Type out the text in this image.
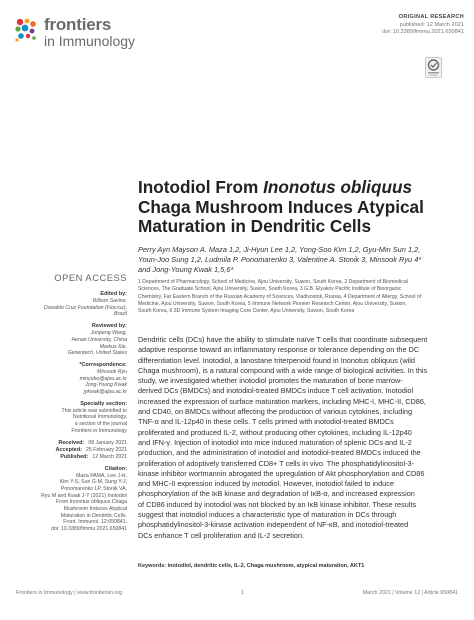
frontiers
in Immunology
ORIGINAL RESEARCH
published: 12 March 2021
doi: 10.3389/fimmu.2021.650841
Inotodiol From Inonotus obliquus Chaga Mushroom Induces Atypical Maturation in Dendritic Cells
Perry Ayn Mayson A. Maza 1,2, Ji-Hyun Lee 1,2, Yong-Soo Kim 1,2, Gyu-Min Sun 1,2,
Youn-Joo Sung 1,2, Ludmila P. Ponomarenko 3, Valentine A. Stonik 3, Minsook Ryu 4*
and Jong-Young Kwak 1,5,6*
1 Department of Pharmacology, School of Medicine, Ajou University, Suwon, South Korea, 2 Department of Biomedical
Sciences, The Graduate School, Ajou University, Suwon, South Korea, 3 G.B. Elyakov Pacific Institute of Bioorganic
Chemistry, Far Eastern Branch of the Russian Academy of Sciences, Vladivostok, Russia, 4 Department of Allergy, School of
Medicine, Ajou University, Suwon, South Korea, 5 Immune Network Pioneer Research Center, Ajou University, Suwon,
South Korea, 6 3D Immune System Imaging Core Center, Ajou University, Suwon, South Korea
OPEN ACCESS
Edited by:
Wilson Savino,
Oswaldo Cruz Foundation (Fiocruz),
Brazil
Reviewed by:
Junpeng Wang,
Henan University, China
Markus Xie,
Genentech, United States
*Correspondence:
Minsook Ryu
minyubo@ajou.ac.kr
Jong-Young Kwak
jykwak@ajou.ac.kr
Specialty section:
This article was submitted to
Nutritional Immunology,
a section of the journal
Frontiers in Immunology
Received: 08 January 2021
Accepted: 25 February 2021
Published: 12 March 2021
Citation:
Maza PAMA, Lee J-H,
Kim Y-S, Sun G-M, Sung Y-J,
Ponomarenko LP, Stonik VA,
Ryu M and Kwak J-Y (2021) Inotodiol
From Inonotus obliquus Chaga
Mushroom Induces Atypical
Maturation in Dendritic Cells.
Front. Immunol. 12:650841.
doi: 10.3389/fimmu.2021.650841
Dendritic cells (DCs) have the ability to stimulate naïve T cells that coordinate subsequent
adaptive response toward an inflammatory response or tolerance depending on the DC
differentiation level. Inotodiol, a lanostane triterpenoid found in Inonotus obliquus (wild
Chaga mushroom), is a natural compound with a wide range of biological activities. In this
study, we investigated whether inotodiol promotes the maturation of bone marrow-
derived DCs (BMDCs) and inotodiol-treated BMDCs induce T cell activation. Inotodiol
increased the expression of surface maturation markers, including MHC-I, MHC-II, CD86,
and CD40, on BMDCs without affecting the production of various cytokines, including
TNF-α and IL-12p40 in these cells. T cells primed with inotodiol-treated BMDCs
proliferated and produced IL-2, without producing other cytokines, including IL-12p40
and IFN-γ. Injection of inotodiol into mice induced maturation of splenic DCs and IL-2
production, and the administration of inotodiol and inotodiol-treated BMDCs induced the
proliferation of adoptively transferred CD8+ T cells in vivo. The phosphatidylinositol-3-
kinase inhibitor wortmannin abrogated the upregulation of Akt phosphorylation and CD86
and MHC-II expression induced by inotodiol. However, inotodiol failed to induce
phosphorylation of the IκB kinase and degradation of IκB-α, and increased expression
of CD86 induced by inotodiol was not blocked by an IκB kinase inhibitor. These results
suggest that inotodiol induces a characteristic type of maturation in DCs through
phosphatidylinositol-3-kinase activation independent of NF-κB, and inotodiol-treated
DCs enhance T cell proliferation and IL-2 secretion.
Keywords: inotodiol, dendritic cells, IL-2, Chaga mushroom, atypical maturation, AKT1
Frontiers in Immunology | www.frontiersin.org	1	March 2021 | Volume 12 | Article 650841
